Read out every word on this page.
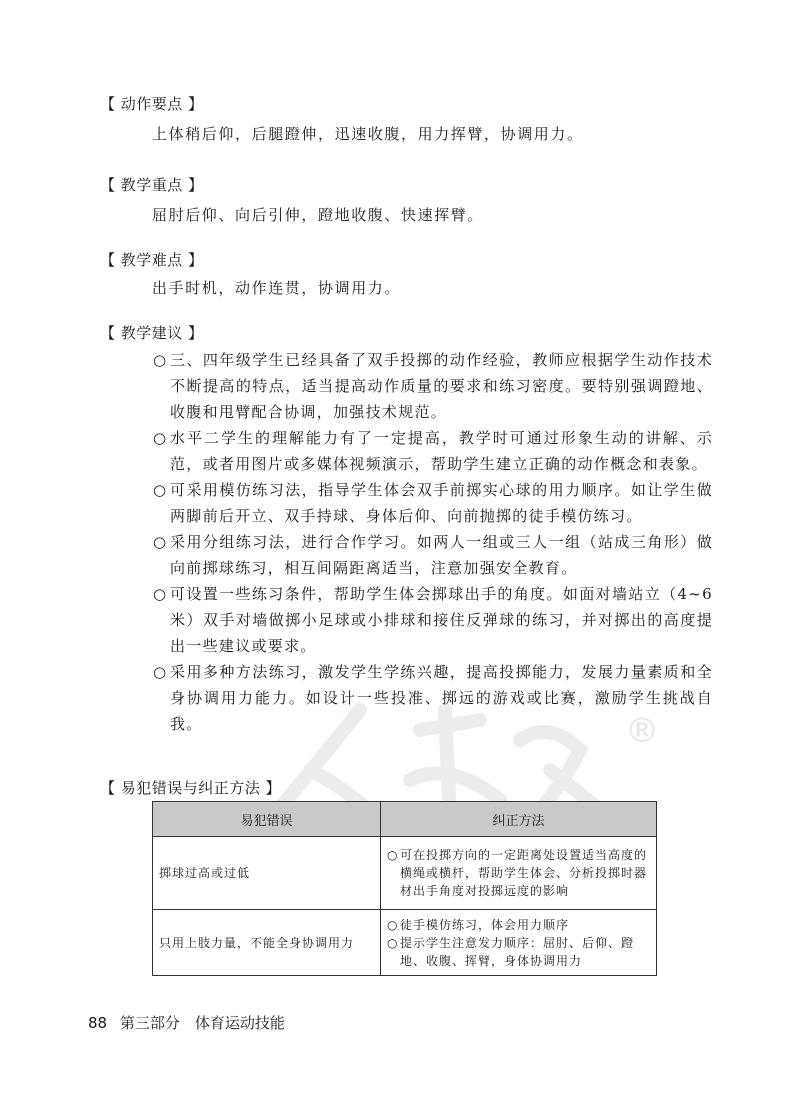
®
【 动作要点 】
上体稍后仰，后腿蹬伸，迅速收腹，用力挥臂，协调用力。
【 教学重点 】
屈肘后仰、向后引伸，蹬地收腹、快速挥臂。
【 教学难点 】
出手时机，动作连贯，协调用力。
【 教学建议 】
○ 三、四年级学生已经具备了双手投掷的动作经验，教师应根据学生动作技术不断提高的特点，适当提高动作质量的要求和练习密度。要特别强调蹬地、收腹和甩臂配合协调，加强技术规范。
○ 水平二学生的理解能力有了一定提高，教学时可通过形象生动的讲解、示范，或者用图片或多媒体视频演示，帮助学生建立正确的动作概念和表象。
○ 可采用模仿练习法，指导学生体会双手前掷实心球的用力顺序。如让学生做两脚前后开立、双手持球、身体后仰、向前抛掷的徒手模仿练习。
○ 采用分组练习法，进行合作学习。如两人一组或三人一组（站成三角形）做向前掷球练习，相互间隔距离适当，注意加强安全教育。
○ 可设置一些练习条件，帮助学生体会掷球出手的角度。如面对墙站立（4~6米）双手对墙做掷小足球或小排球和接住反弹球的练习，并对掷出的高度提出一些建议或要求。
○ 采用多种方法练习，激发学生学练兴趣，提高投掷能力，发展力量素质和全身协调用力能力。如设计一些投准、掷远的游戏或比赛，激励学生挑战自我。
【 易犯错误与纠正方法 】
易犯错误	纠正方法
掷球过高或过低	○ 可在投掷方向的一定距离处设置适当高度的横绳或横杆，帮助学生体会、分析投掷时器材出手角度对投掷远度的影响

只用上肢力量，不能全身协调用力	○ 徒手模仿练习，体会用力顺序
○ 提示学生注意发力顺序：屈肘、后仰、蹬地、收腹、挥臂，身体协调用力
88 第三部分　体育运动技能
